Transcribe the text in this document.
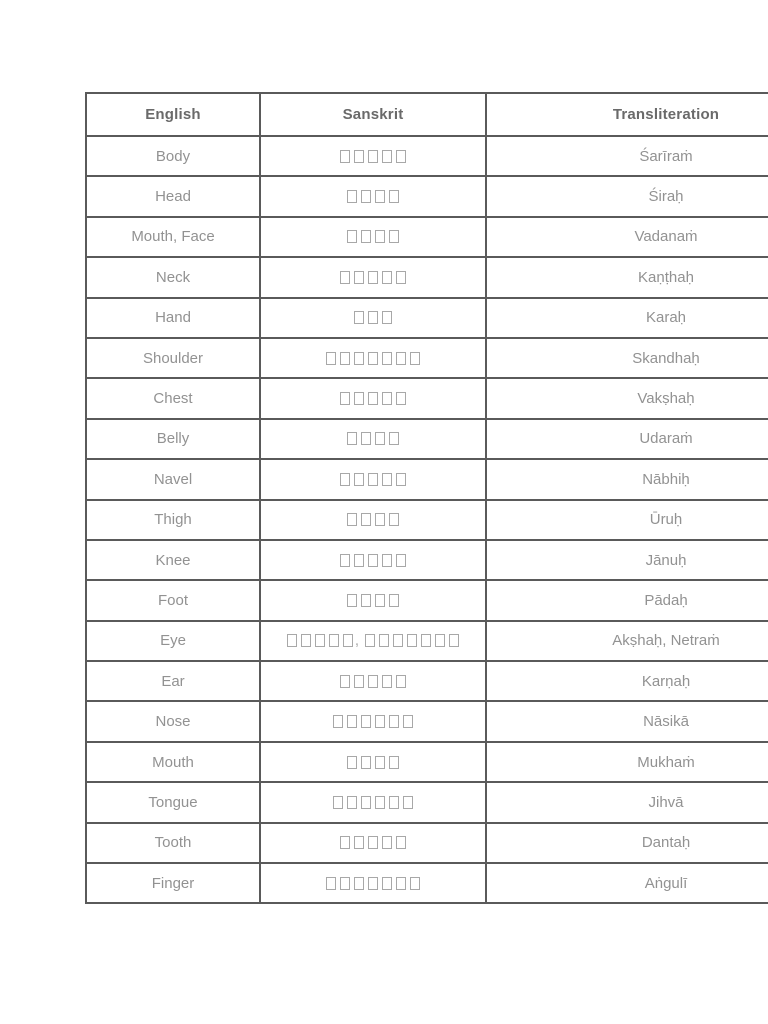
English	Sanskrit	Transliteration
Body		Śarīraṁ
Head		Śiraḥ
Mouth, Face		Vadanaṁ
Neck		Kaṇṭhaḥ
Hand		Karaḥ
Shoulder		Skandhaḥ
Chest		Vakṣhaḥ
Belly		Udaraṁ
Navel		Nābhiḥ
Thigh		Ūruḥ
Knee		Jānuḥ
Foot		Pādaḥ
Eye	,	Akṣhaḥ, Netraṁ
Ear		Karṇaḥ
Nose		Nāsikā
Mouth		Mukhaṁ
Tongue		Jihvā
Tooth		Dantaḥ
Finger		Aṅgulī
